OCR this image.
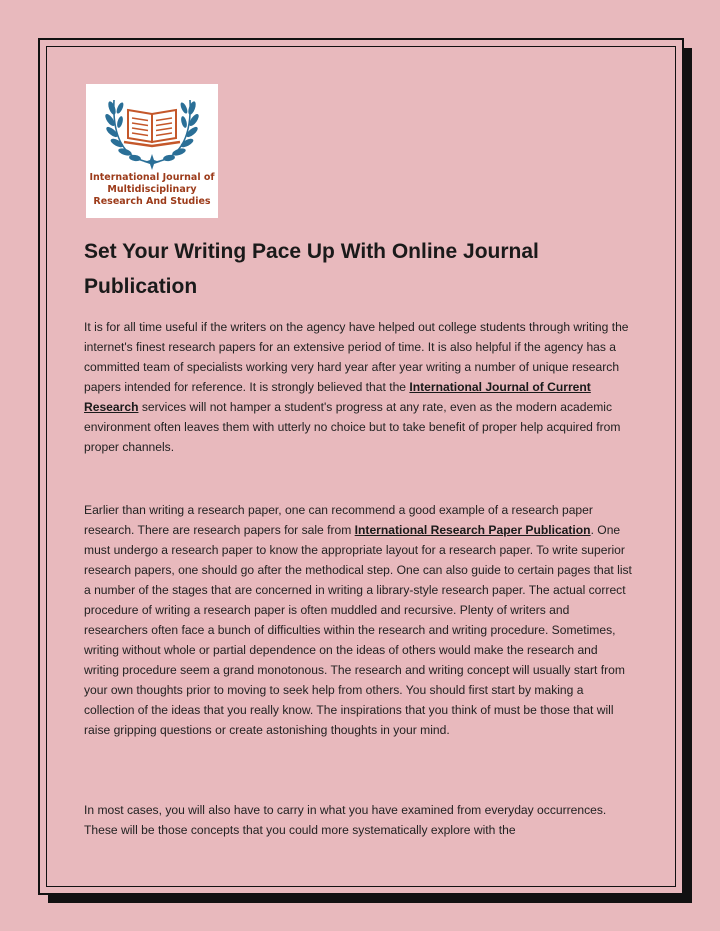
International Journal of
Multidisciplinary
Research And Studies
Set Your Writing Pace Up With Online Journal Publication

It is for all time useful if the writers on the agency have helped out college students through writing the internet's finest research papers for an extensive period of time. It is also helpful if the agency has a committed team of specialists working very hard year after year writing a number of unique research papers intended for reference. It is strongly believed that the International Journal of Current Research services will not hamper a student's progress at any rate, even as the modern academic environment often leaves them with utterly no choice but to take benefit of proper help acquired from proper channels.

Earlier than writing a research paper, one can recommend a good example of a research paper research. There are research papers for sale from International Research Paper Publication. One must undergo a research paper to know the appropriate layout for a research paper. To write superior research papers, one should go after the methodical step. One can also guide to certain pages that list a number of the stages that are concerned in writing a library-style research paper. The actual correct procedure of writing a research paper is often muddled and recursive. Plenty of writers and researchers often face a bunch of difficulties within the research and writing procedure. Sometimes, writing without whole or partial dependence on the ideas of others would make the research and writing procedure seem a grand monotonous. The research and writing concept will usually start from your own thoughts prior to moving to seek help from others. You should first start by making a collection of the ideas that you really know. The inspirations that you think of must be those that will raise gripping questions or create astonishing thoughts in your mind.

In most cases, you will also have to carry in what you have examined from everyday occurrences. These will be those concepts that you could more systematically explore with the
